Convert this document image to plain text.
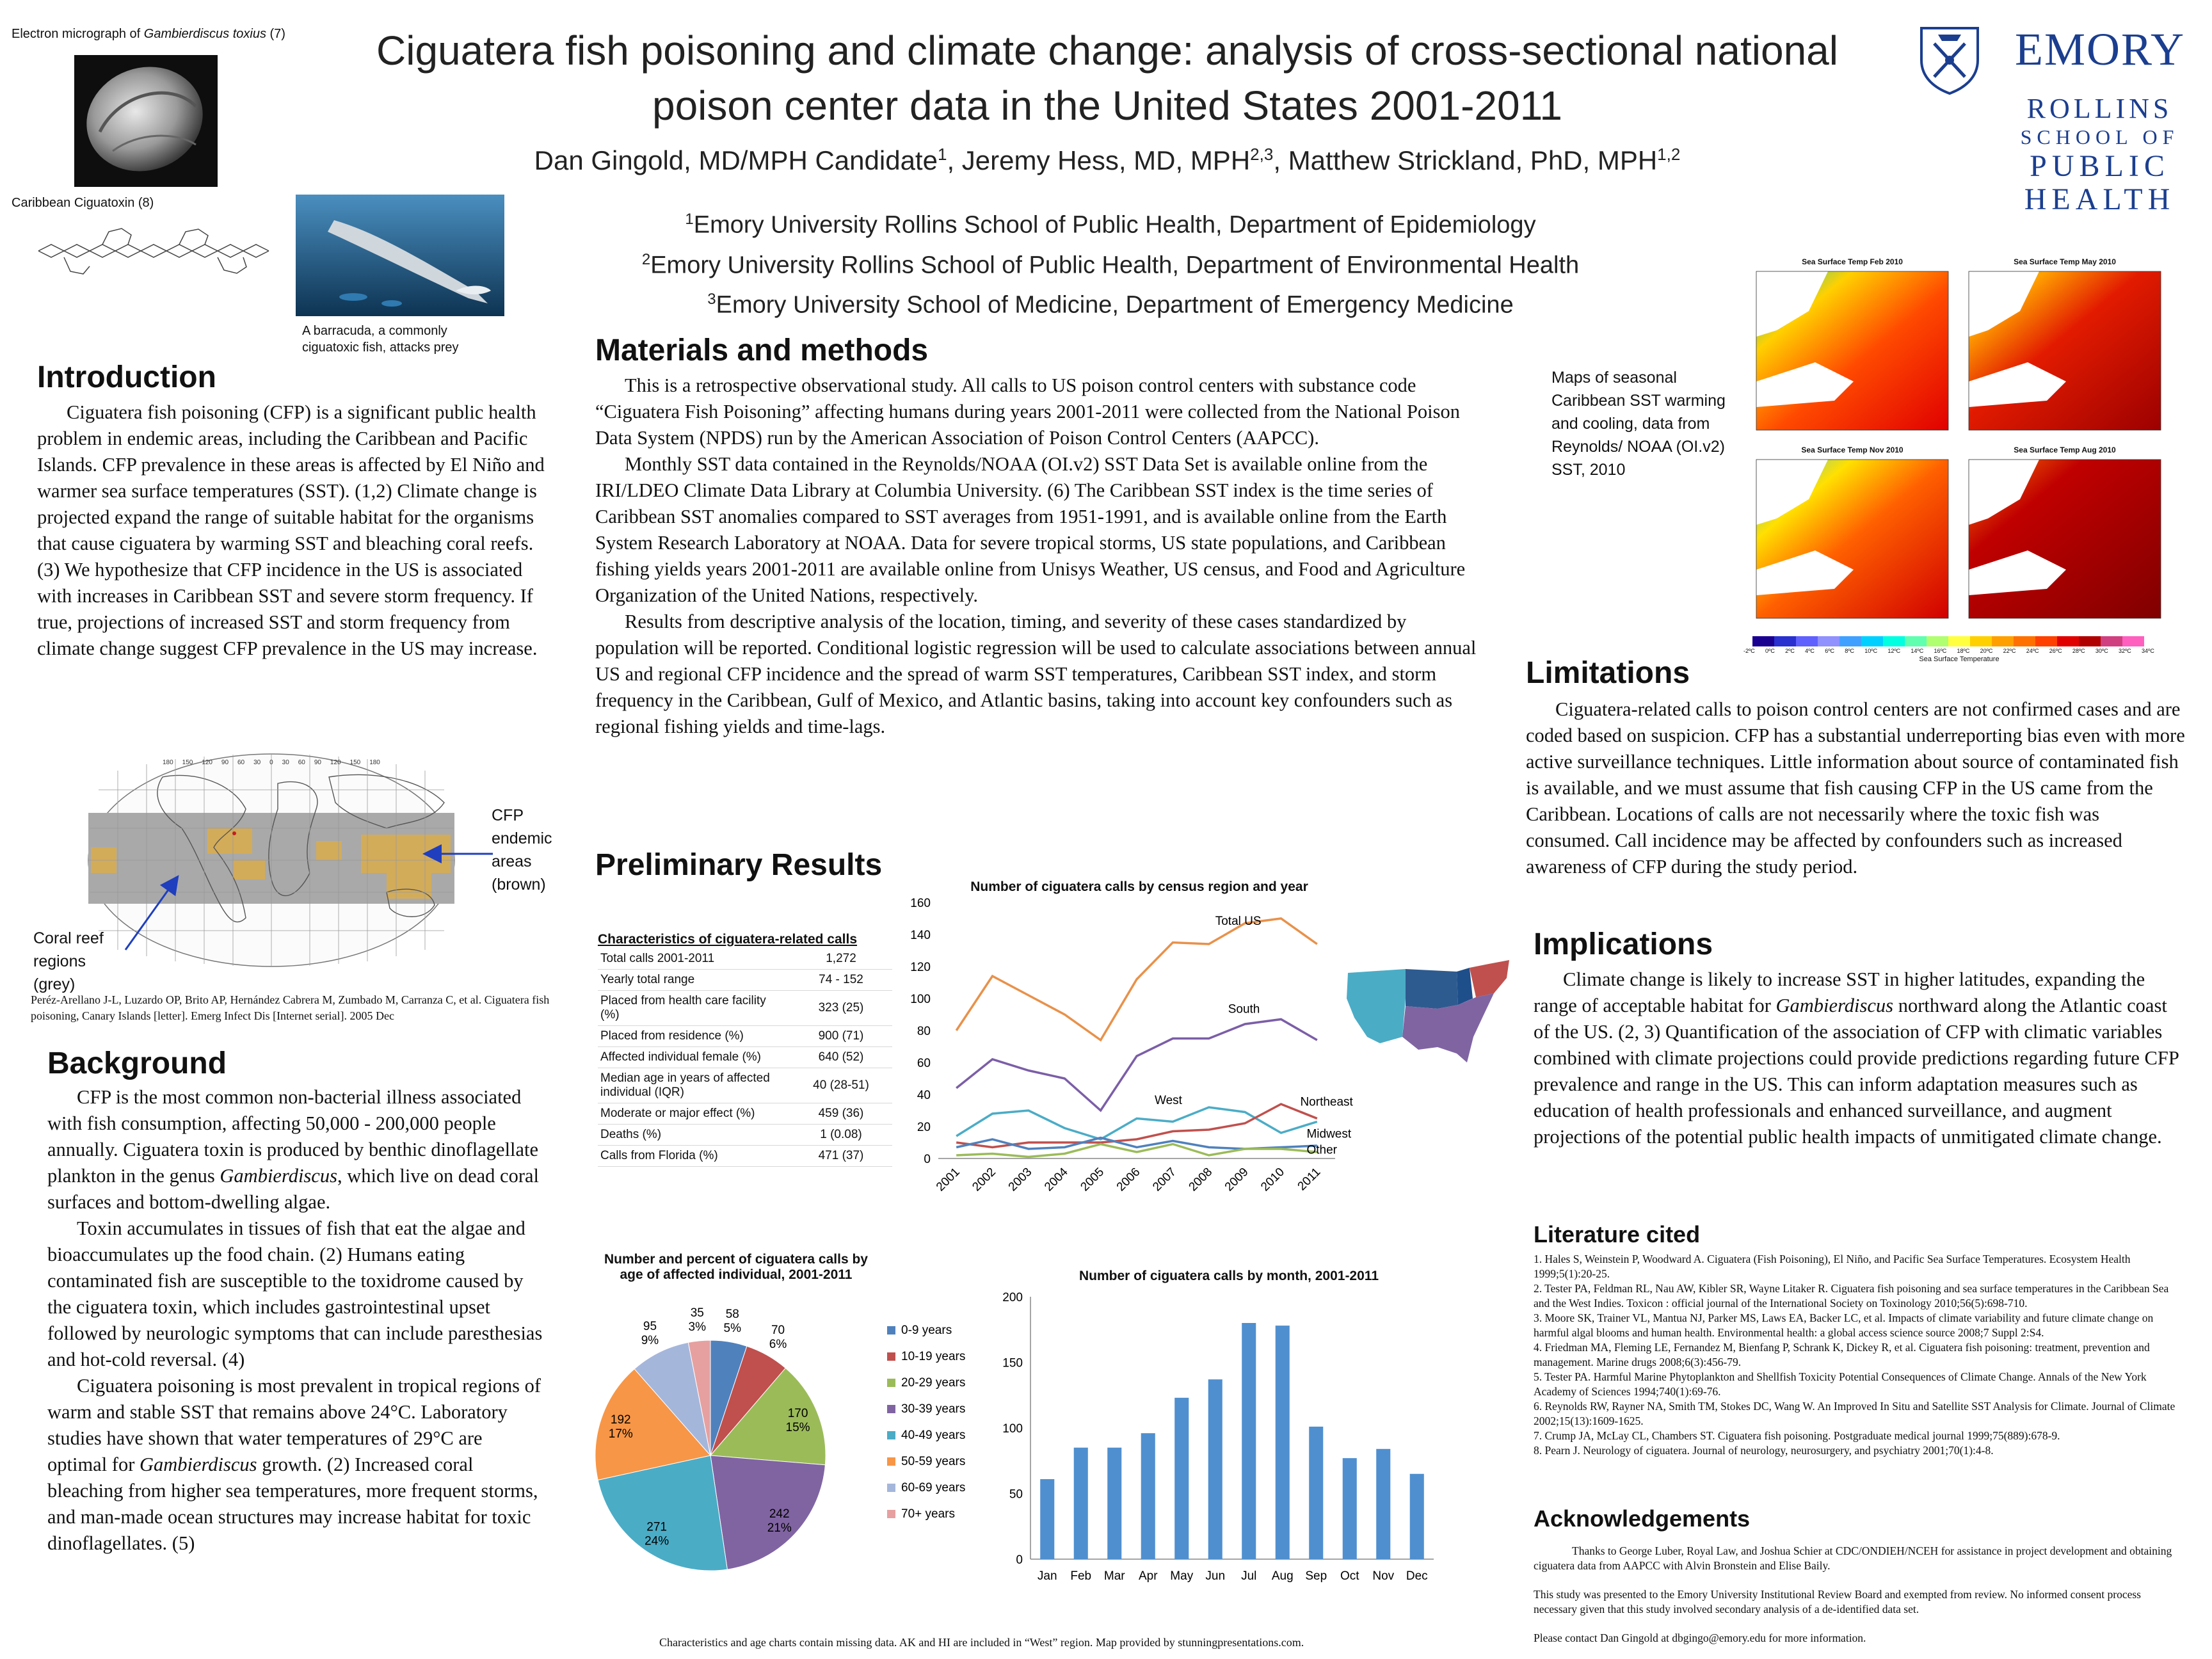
Ciguatera fish poisoning and climate change: analysis of cross-sectional national
poison center data in the United States 2001-2011
Dan Gingold, MD/MPH Candidate$^1$, Jeremy Hess, MD, MPH$^{2,3}$, Matthew Strickland, PhD, MPH$^{1,2}$
$^1$Emory University Rollins School of Public Health, Department of Epidemiology
$^2$Emory University Rollins School of Public Health, Department of Environmental Health
$^3$Emory University School of Medicine, Department of Emergency Medicine
EMORY
ROLLINS
SCHOOL OF
PUBLIC
HEALTH
Electron micrograph of Gambierdiscus toxius (7)
Caribbean Ciguatoxin (8)
A barracuda, a commonly ciguatoxic fish, attacks prey
Introduction

Ciguatera fish poisoning (CFP) is a significant public health problem in endemic areas, including the Caribbean and Pacific Islands. CFP prevalence in these areas is affected by El Niño and warmer sea surface temperatures (SST). (1,2) Climate change is projected expand the range of suitable habitat for the organisms that cause ciguatera by warming SST and bleaching coral reefs. (3) We hypothesize that CFP incidence in the US is associated with increases in Caribbean SST and severe storm frequency. If true, projections of increased SST and storm frequency from climate change suggest CFP prevalence in the US may increase.

180 150 120 90 60 30 0 30 60 90 120 150 180
CFP endemic areas (brown)
Coral reef regions (grey)
Peréz-Arellano J-L, Luzardo OP, Brito AP, Hernández Cabrera M, Zumbado M, Carranza C, et al. Ciguatera fish poisoning, Canary Islands [letter]. Emerg Infect Dis [Internet serial]. 2005 Dec
Background

CFP is the most common non-bacterial illness associated with fish consumption, affecting 50,000 - 200,000 people annually. Ciguatera toxin is produced by benthic dinoflagellate plankton in the genus Gambierdiscus, which live on dead coral surfaces and bottom-dwelling algae.

Toxin accumulates in tissues of fish that eat the algae and bioaccumulates up the food chain. (2) Humans eating contaminated fish are susceptible to the toxidrome caused by the ciguatera toxin, which includes gastrointestinal upset followed by neurologic symptoms that can include paresthesias and hot-cold reversal. (4)

Ciguatera poisoning is most prevalent in tropical regions of warm and stable SST that remains above 24°C. Laboratory studies have shown that water temperatures of 29°C are optimal for Gambierdiscus growth. (2) Increased coral bleaching from higher sea temperatures, more frequent storms, and man-made ocean structures may increase habitat for toxic dinoflagellates. (5)

Materials and methods

This is a retrospective observational study. All calls to US poison control centers with substance code “Ciguatera Fish Poisoning” affecting humans during years 2001-2011 were collected from the National Poison Data System (NPDS) run by the American Association of Poison Control Centers (AAPCC).

Monthly SST data contained in the Reynolds/NOAA (OI.v2) SST Data Set is available online from the IRI/LDEO Climate Data Library at Columbia University. (6) The Caribbean SST index is the time series of Caribbean SST anomalies compared to SST averages from 1951-1991, and is available online from the Earth System Research Laboratory at NOAA. Data for severe tropical storms, US state populations, and Caribbean fishing yields years 2001-2011 are available online from Unisys Weather, US census, and Food and Agriculture Organization of the United Nations, respectively.

Results from descriptive analysis of the location, timing, and severity of these cases standardized by population will be reported. Conditional logistic regression will be used to calculate associations between annual US and regional CFP incidence and the spread of warm SST temperatures, Caribbean SST index, and storm frequency in the Caribbean, Gulf of Mexico, and Atlantic basins, taking into account key confounders such as regional fishing yields and time-lags.

Maps of seasonal Caribbean SST warming and cooling, data from Reynolds/ NOAA (OI.v2) SST, 2010
Sea Surface Temp Feb 2010	Sea Surface Temp May 2010
Sea Surface Temp Nov 2010	Sea Surface Temp Aug 2010
-2ºC 0ºC 2ºC 4ºC 6ºC 8ºC 10ºC 12ºC 14ºC 16ºC 18ºC 20ºC 22ºC 24ºC 26ºC 28ºC 30ºC 32ºC 34ºC
Sea Surface Temperature
Limitations

Ciguatera-related calls to poison control centers are not confirmed cases and are coded based on suspicion. CFP has a substantial underreporting bias even with more active surveillance techniques. Little information about source of contaminated fish is available, and we must assume that fish causing CFP in the US came from the Caribbean. Locations of calls are not necessarily where the toxic fish was consumed. Call incidence may be affected by confounders such as increased awareness of CFP during the study period.

Implications

Climate change is likely to increase SST in higher latitudes, expanding the range of acceptable habitat for Gambierdiscus northward along the Atlantic coast of the US. (2, 3) Quantification of the association of CFP with climatic variables combined with climate projections could provide predictions regarding future CFP prevalence and range in the US. This can inform adaptation measures such as education of health professionals and enhanced surveillance, and augment projections of the potential public health impacts of unmitigated climate change.

Literature cited
1. Hales S, Weinstein P, Woodward A. Ciguatera (Fish Poisoning), El Niño, and Pacific Sea Surface Temperatures. Ecosystem Health 1999;5(1):20-25.
2. Tester PA, Feldman RL, Nau AW, Kibler SR, Wayne Litaker R. Ciguatera fish poisoning and sea surface temperatures in the Caribbean Sea and the West Indies. Toxicon : official journal of the International Society on Toxinology 2010;56(5):698-710.
3. Moore SK, Trainer VL, Mantua NJ, Parker MS, Laws EA, Backer LC, et al. Impacts of climate variability and future climate change on harmful algal blooms and human health. Environmental health: a global access science source 2008;7 Suppl 2:S4.
4. Friedman MA, Fleming LE, Fernandez M, Bienfang P, Schrank K, Dickey R, et al. Ciguatera fish poisoning: treatment, prevention and management. Marine drugs 2008;6(3):456-79.
5. Tester PA. Harmful Marine Phytoplankton and Shellfish Toxicity Potential Consequences of Climate Change. Annals of the New York Academy of Sciences 1994;740(1):69-76.
6. Reynolds RW, Rayner NA, Smith TM, Stokes DC, Wang W. An Improved In Situ and Satellite SST Analysis for Climate. Journal of Climate 2002;15(13):1609-1625.
7. Crump JA, McLay CL, Chambers ST. Ciguatera fish poisoning. Postgraduate medical journal 1999;75(889):678-9.
8. Pearn J. Neurology of ciguatera. Journal of neurology, neurosurgery, and psychiatry 2001;70(1):4-8.
Acknowledgements

Thanks to George Luber, Royal Law, and Joshua Schier at CDC/ONDIEH/NCEH for assistance in project development and obtaining ciguatera data from AAPCC with Alvin Bronstein and Elise Baily.

This study was presented to the Emory University Institutional Review Board and exempted from review. No informed consent process necessary given that this study involved secondary analysis of a de-identified data set.

Please contact Dan Gingold at dbgingo@emory.edu for more information.

Preliminary Results
Characteristics of ciguatera-related calls
Total calls 2001-2011	1,272
Yearly total range	74 - 152
Placed from health care facility (%)	323 (25)
Placed from residence (%)	900 (71)
Affected individual female (%)	640 (52)
Median age in years of affected individual (IQR)	40 (28-51)
Moderate or major effect (%)	459 (36)
Deaths (%)	1 (0.08)
Calls from Florida (%)	471 (37)
Number of ciguatera calls by census region and year
0
20
40
60
80
100
120
140
160
2001 2002 2003 2004 2005 2006 2007 2008 2009 2010 2011
Total US
South
West	Northeast
Midwest
Other
Number and percent of ciguatera calls by age of affected individual, 2001-2011
58 5% 70 6%
170 15%
242 21%
271 24%
192 17%
95 9%
35 3%	0-9 years
10-19 years
20-29 years
30-39 years
40-49 years
50-59 years
60-69 years
70+ years
Number of ciguatera calls by month, 2001-2011
0
50
100
150
200
Jan Feb Mar Apr May Jun Jul Aug Sep Oct Nov Dec
Characteristics and age charts contain missing data. AK and HI are included in “West” region. Map provided by stunningpresentations.com.
